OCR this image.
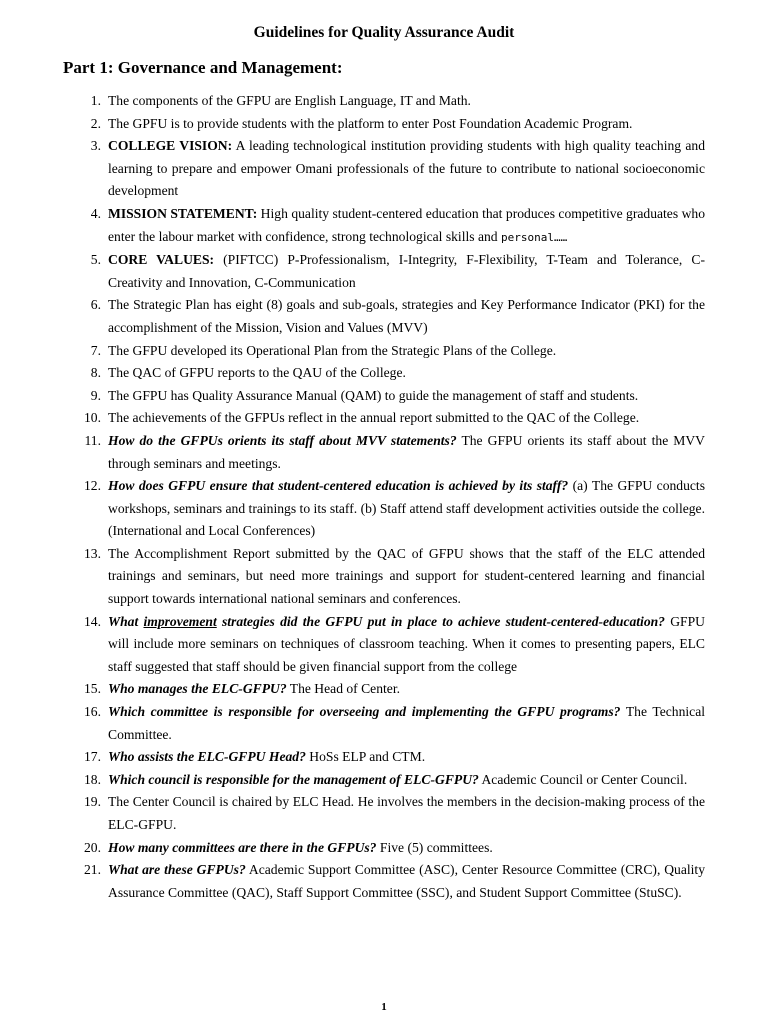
Guidelines for Quality Assurance Audit
Part 1: Governance and Management:
1. The components of the GFPU are English Language, IT and Math.
2. The GPFU is to provide students with the platform to enter Post Foundation Academic Program.
3. COLLEGE VISION: A leading technological institution providing students with high quality teaching and learning to prepare and empower Omani professionals of the future to contribute to national socioeconomic development
4. MISSION STATEMENT: High quality student-centered education that produces competitive graduates who enter the labour market with confidence, strong technological skills and personal……
5. CORE VALUES: (PIFTCC) P-Professionalism, I-Integrity, F-Flexibility, T-Team and Tolerance, C-Creativity and Innovation, C-Communication
6. The Strategic Plan has eight (8) goals and sub-goals, strategies and Key Performance Indicator (PKI) for the accomplishment of the Mission, Vision and Values (MVV)
7. The GFPU developed its Operational Plan from the Strategic Plans of the College.
8. The QAC of GFPU reports to the QAU of the College.
9. The GFPU has Quality Assurance Manual (QAM) to guide the management of staff and students.
10. The achievements of the GFPUs reflect in the annual report submitted to the QAC of the College.
11. How do the GFPUs orients its staff about MVV statements? The GFPU orients its staff about the MVV through seminars and meetings.
12. How does GFPU ensure that student-centered education is achieved by its staff? (a) The GFPU conducts workshops, seminars and trainings to its staff. (b) Staff attend staff development activities outside the college. (International and Local Conferences)
13. The Accomplishment Report submitted by the QAC of GFPU shows that the staff of the ELC attended trainings and seminars, but need more trainings and support for student-centered learning and financial support towards international national seminars and conferences.
14. What improvement strategies did the GFPU put in place to achieve student-centered-education? GFPU will include more seminars on techniques of classroom teaching. When it comes to presenting papers, ELC staff suggested that staff should be given financial support from the college
15. Who manages the ELC-GFPU? The Head of Center.
16. Which committee is responsible for overseeing and implementing the GFPU programs? The Technical Committee.
17. Who assists the ELC-GFPU Head? HoSs ELP and CTM.
18. Which council is responsible for the management of ELC-GFPU? Academic Council or Center Council.
19. The Center Council is chaired by ELC Head. He involves the members in the decision-making process of the ELC-GFPU.
20. How many committees are there in the GFPUs? Five (5) committees.
21. What are these GFPUs? Academic Support Committee (ASC), Center Resource Committee (CRC), Quality Assurance Committee (QAC), Staff Support Committee (SSC), and Student Support Committee (StuSC).
1
